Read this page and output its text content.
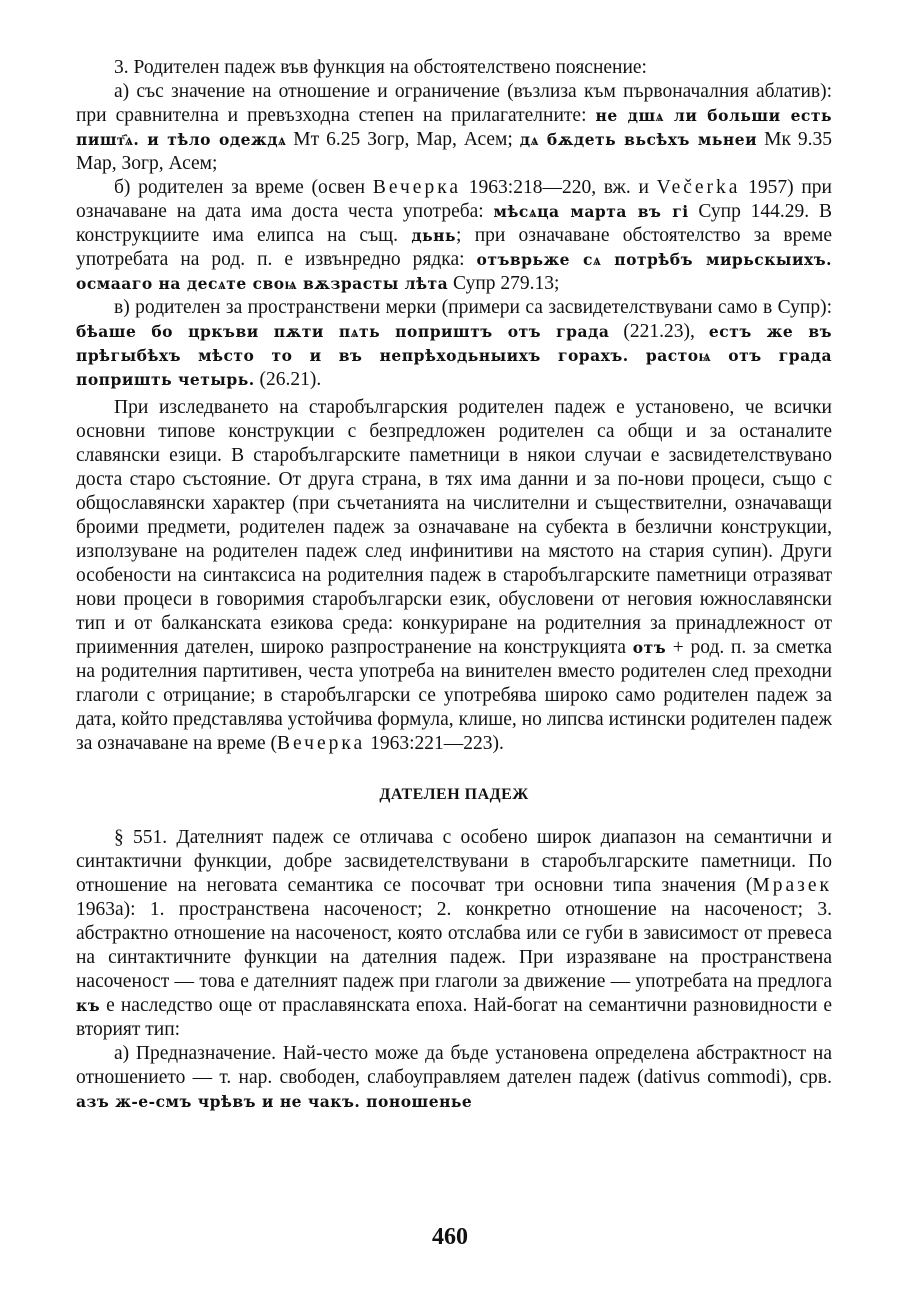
3. Родителен падеж във функция на обстоятелствено пояснение:

а) със значение на отношение и ограничение (възлиза към първоначалния аблатив): при сравнителна и превъзходна степен на прилагателните: не дшѧ ли больши есть пишт҄ѧ. и тѣло одеждѧ Мт 6.25 Зогр, Мар, Асем; дѧ бѫдеть вьсѣхъ мьнеи Мк 9.35 Мар, Зогр, Асем;

б) родителен за време (освен Вечерка 1963:218—220, вж. и Večerka 1957) при означаване на дата има доста честа употреба: мѣсѧца марта въ гі Супр 144.29. В конструкциите има елипса на същ. дьнь; при означаване обстоятелство за време употребата на род. п. е извънредно рядка: отъврьже сѧ потрѣбъ мирьскыихъ. осмааго на десѧте своѩ вѫзрасты лѣта Супр 279.13;

в) родителен за пространствени мерки (примери са засвидетелствувани само в Супр): бѣаше бо цркъви пѫти пѧть поприштъ отъ града (221.23), естъ же въ прѣгыбѣхъ мѣсто то и въ непрѣходьныихъ горахъ. растоѩ отъ града попришть четырь. (26.21).

При изследването на старобългарския родителен падеж е установено, че всички основни типове конструкции с безпредложен родителен са общи и за останалите славянски езици. В старобългарските паметници в някои случаи е засвидетелствувано доста старо състояние. От друга страна, в тях има данни и за по-нови процеси, също с общославянски характер (при съчетанията на числителни и съществителни, означаващи броими предмети, родителен падеж за означаване на субекта в безлични конструкции, използуване на родителен падеж след инфинитиви на мястото на стария супин). Други особености на синтаксиса на родителния падеж в старобългарските паметници отразяват нови процеси в говоримия старобългарски език, обусловени от неговия южнославянски тип и от балканската езикова среда: конкуриране на родителния за принадлежност от приименния дателен, широко разпространение на конструкцията отъ + род. п. за сметка на родителния партитивен, честа употреба на винителен вместо родителен след преходни глаголи с отрицание; в старобългарски се употребява широко само родителен падеж за дата, който представлява устойчива формула, клише, но липсва истински родителен падеж за означаване на време (Вечерка 1963:221—223).

ДАТЕЛЕН ПАДЕЖ

§ 551. Дателният падеж се отличава с особено широк диапазон на семантични и синтактични функции, добре засвидетелствувани в старобългарските паметници. По отношение на неговата семантика се посочват три основни типа значения (Мразек 1963а): 1. пространствена насоченост; 2. конкретно отношение на насоченост; 3. абстрактно отношение на насоченост, която отслабва или се губи в зависимост от превеса на синтактичните функции на дателния падеж. При изразяване на пространствена насоченост — това е дателният падеж при глаголи за движение — употребата на предлога къ е наследство още от праславянската епоха. Най-богат на семантични разновидности е вторият тип:

а) Предназначение. Най-често може да бъде установена определена абстрактност на отношението — т. нар. свободен, слабоуправляем дателен падеж (dativus commodi), срв. азъ ж-е-смъ чрѣвъ и не чакъ. поношенье

460
